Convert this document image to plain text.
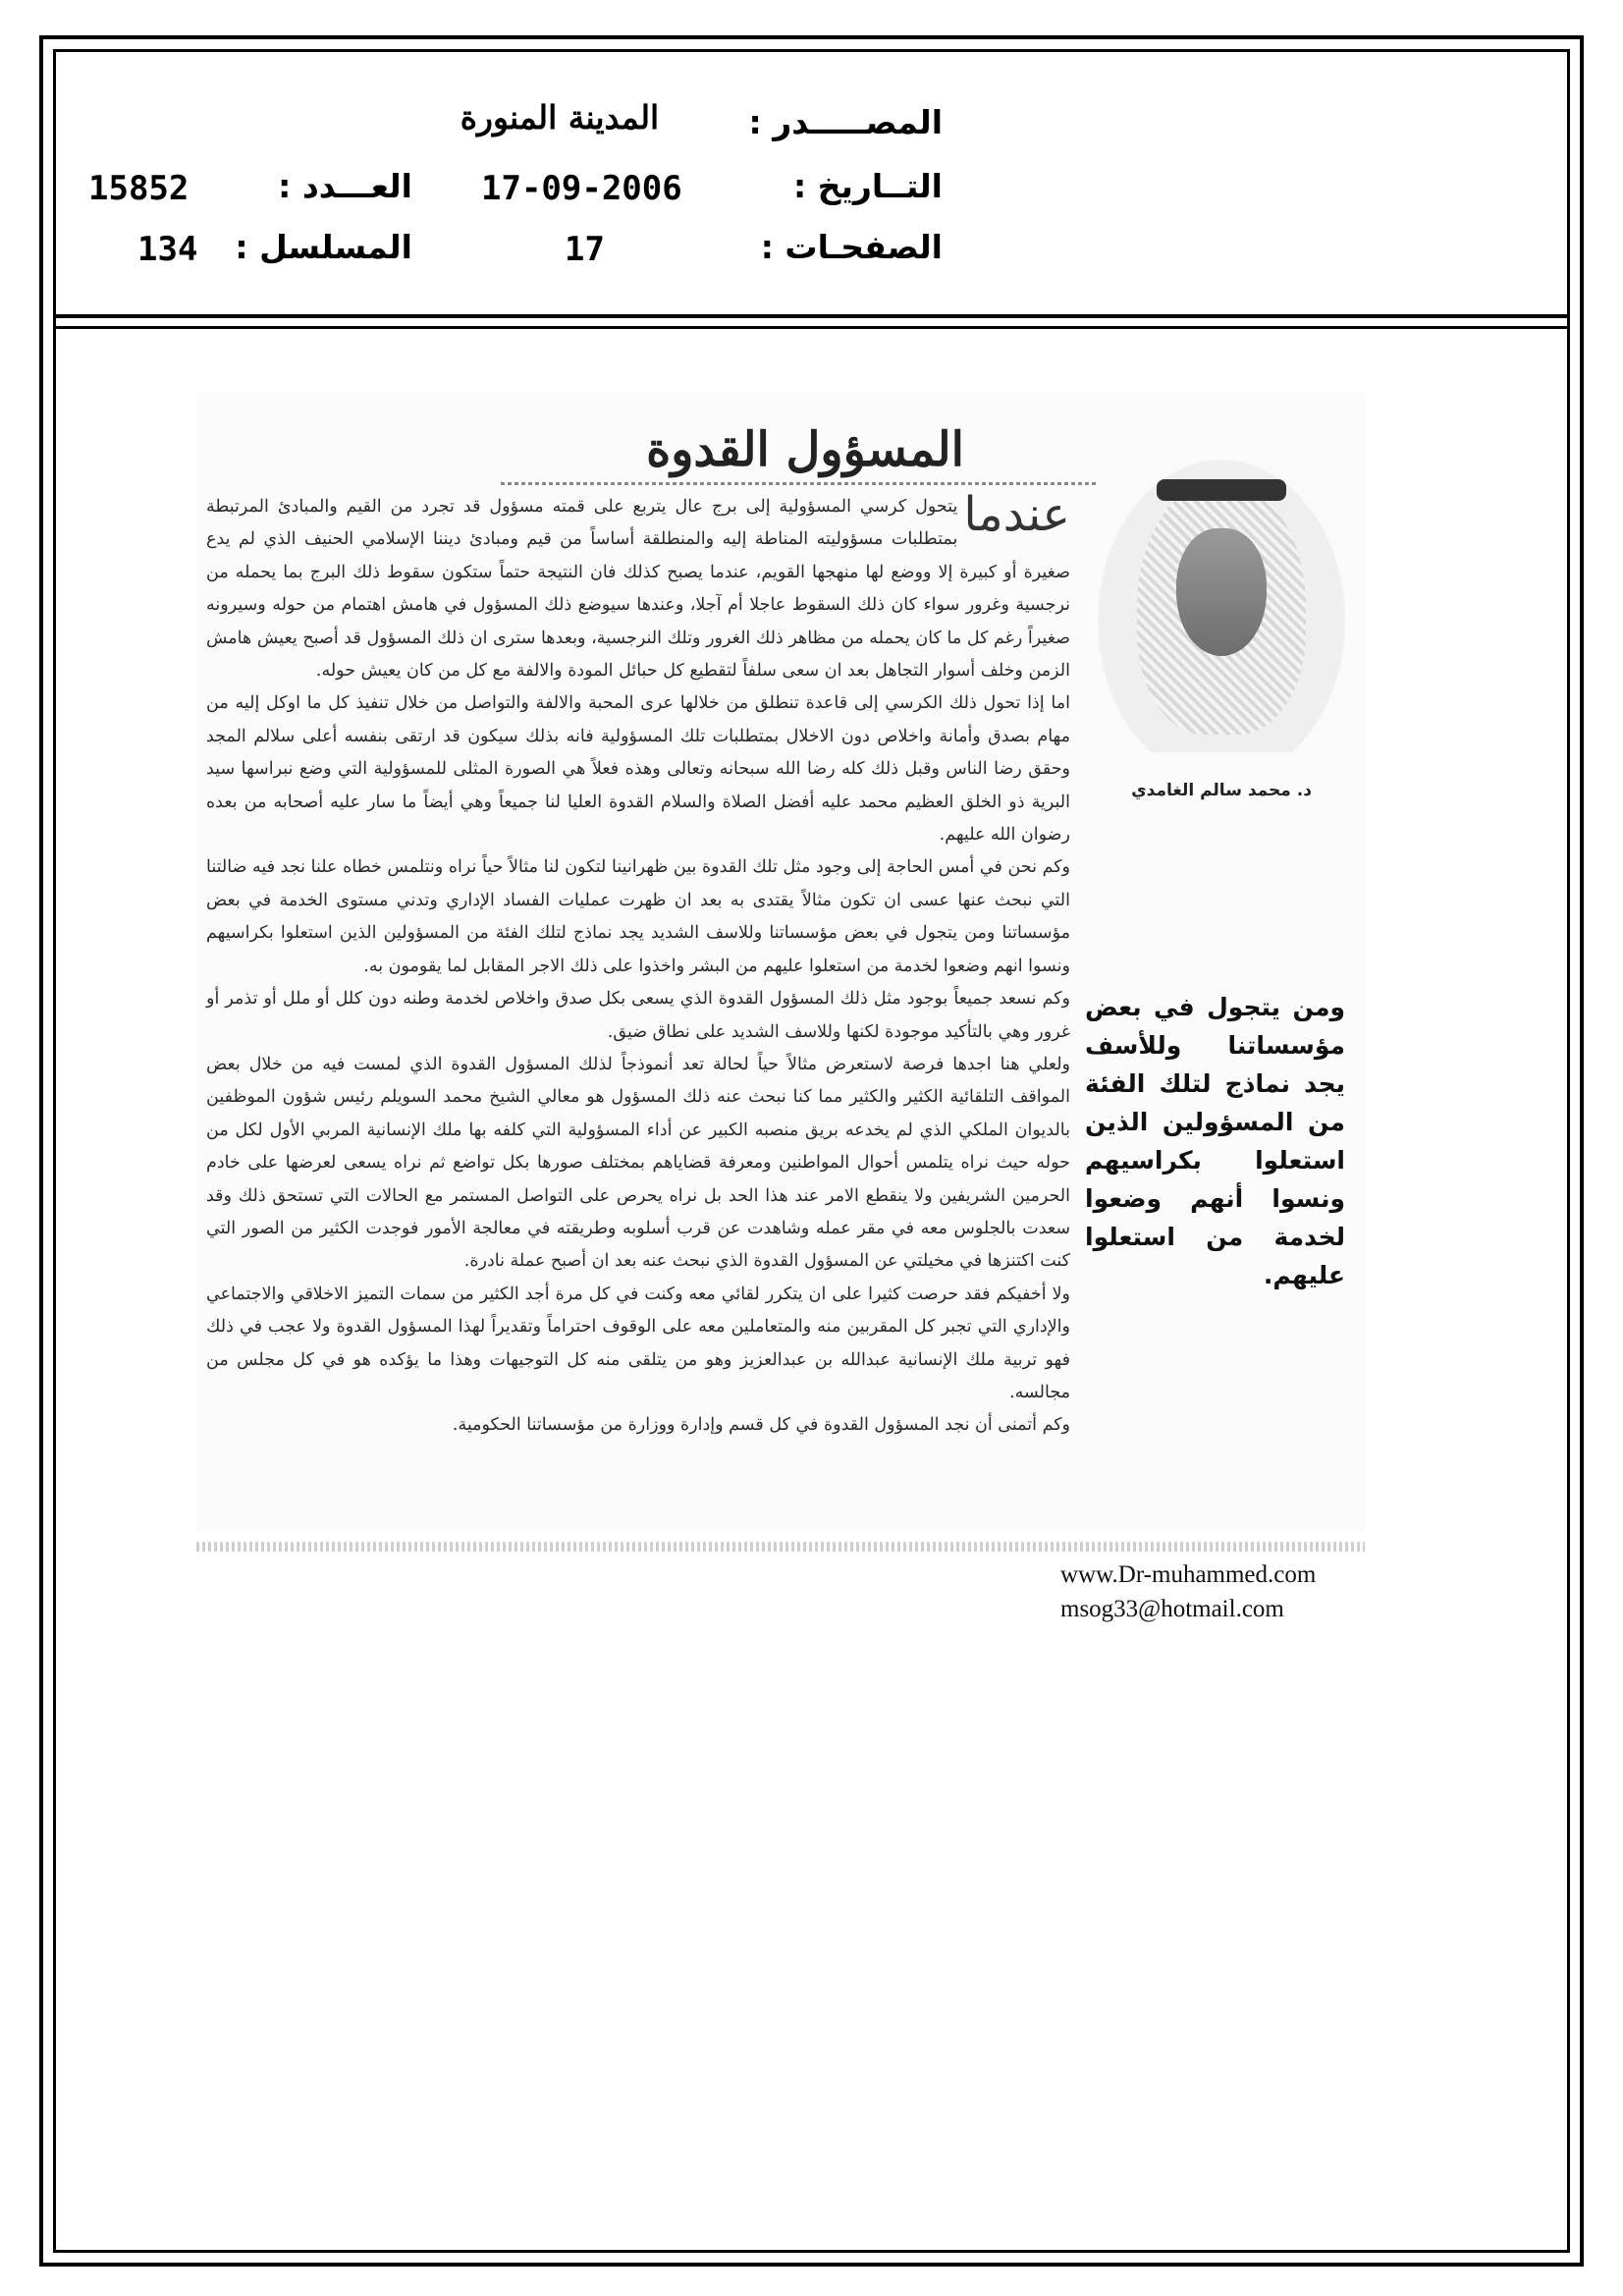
المصـــــدر :
المدينة المنورة
التــاريخ :
17-09-2006
العـــدد :
15852
الصفحـات :
17
المسلسل :
134
المسؤول القدوة
عندما

يتحول كرسي المسؤولية إلى برج عال يتربع على قمته مسؤول قد تجرد من القيم والمبادئ المرتبطة بمتطلبات مسؤوليته المناطة إليه والمنطلقة أساساً من قيم ومبادئ ديننا الإسلامي الحنيف الذي لم يدع صغيرة أو كبيرة إلا ووضع لها منهجها القويم، عندما يصبح كذلك فان النتيجة حتماً ستكون سقوط ذلك البرج بما يحمله من نرجسية وغرور سواء كان ذلك السقوط عاجلا أم آجلا، وعندها سيوضع ذلك المسؤول في هامش اهتمام من حوله وسيرونه صغيراً رغم كل ما كان يحمله من مظاهر ذلك الغرور وتلك النرجسية، وبعدها سترى ان ذلك المسؤول قد أصبح يعيش هامش الزمن وخلف أسوار التجاهل بعد ان سعى سلفاً لتقطيع كل حبائل المودة والالفة مع كل من كان يعيش حوله.

اما إذا تحول ذلك الكرسي إلى قاعدة تنطلق من خلالها عرى المحبة والالفة والتواصل من خلال تنفيذ كل ما اوكل إليه من مهام بصدق وأمانة واخلاص دون الاخلال بمتطلبات تلك المسؤولية فانه بذلك سيكون قد ارتقى بنفسه أعلى سلالم المجد وحقق رضا الناس وقبل ذلك كله رضا الله سبحانه وتعالى وهذه فعلاً هي الصورة المثلى للمسؤولية التي وضع نبراسها سيد البرية ذو الخلق العظيم محمد عليه أفضل الصلاة والسلام القدوة العليا لنا جميعاً وهي أيضاً ما سار عليه أصحابه من بعده رضوان الله عليهم.

وكم نحن في أمس الحاجة إلى وجود مثل تلك القدوة بين ظهرانينا لتكون لنا مثالاً حياً نراه ونتلمس خطاه علنا نجد فيه ضالتنا التي نبحث عنها عسى ان تكون مثالاً يقتدى به بعد ان ظهرت عمليات الفساد الإداري وتدني مستوى الخدمة في بعض مؤسساتنا ومن يتجول في بعض مؤسساتنا وللاسف الشديد يجد نماذج لتلك الفئة من المسؤولين الذين استعلوا بكراسيهم ونسوا انهم وضعوا لخدمة من استعلوا عليهم من البشر واخذوا على ذلك الاجر المقابل لما يقومون به.

وكم نسعد جميعاً بوجود مثل ذلك المسؤول القدوة الذي يسعى بكل صدق واخلاص لخدمة وطنه دون كلل أو ملل أو تذمر أو غرور وهي بالتأكيد موجودة لكنها وللاسف الشديد على نطاق ضيق.

ولعلي هنا اجدها فرصة لاستعرض مثالاً حياً لحالة تعد أنموذجاً لذلك المسؤول القدوة الذي لمست فيه من خلال بعض المواقف التلقائية الكثير والكثير مما كنا نبحث عنه ذلك المسؤول هو معالي الشيخ محمد السويلم رئيس شؤون الموظفين بالديوان الملكي الذي لم يخدعه بريق منصبه الكبير عن أداء المسؤولية التي كلفه بها ملك الإنسانية المربي الأول لكل من حوله حيث نراه يتلمس أحوال المواطنين ومعرفة قضاياهم بمختلف صورها بكل تواضع ثم نراه يسعى لعرضها على خادم الحرمين الشريفين ولا ينقطع الامر عند هذا الحد بل نراه يحرص على التواصل المستمر مع الحالات التي تستحق ذلك وقد سعدت بالجلوس معه في مقر عمله وشاهدت عن قرب أسلوبه وطريقته في معالجة الأمور فوجدت الكثير من الصور التي كنت اكتنزها في مخيلتي عن المسؤول القدوة الذي نبحث عنه بعد ان أصبح عملة نادرة.

ولا أخفيكم فقد حرصت كثيرا على ان يتكرر لقائي معه وكنت في كل مرة أجد الكثير من سمات التميز الاخلاقي والاجتماعي والإداري التي تجبر كل المقربين منه والمتعاملين معه على الوقوف احتراماً وتقديراً لهذا المسؤول القدوة ولا عجب في ذلك فهو تربية ملك الإنسانية عبدالله بن عبدالعزيز وهو من يتلقى منه كل التوجيهات وهذا ما يؤكده هو في كل مجلس من مجالسه.

وكم أتمنى أن نجد المسؤول القدوة في كل قسم وإدارة ووزارة من مؤسساتنا الحكومية.

د. محمد سالم الغامدي

ومن يتجول في بعض مؤسساتنا وللأسف يجد نماذج لتلك الفئة من المسؤولين الذين استعلوا بكراسيهم ونسوا أنهم وضعوا لخدمة من استعلوا عليهم.

www.Dr-muhammed.com
msog33@hotmail.com
